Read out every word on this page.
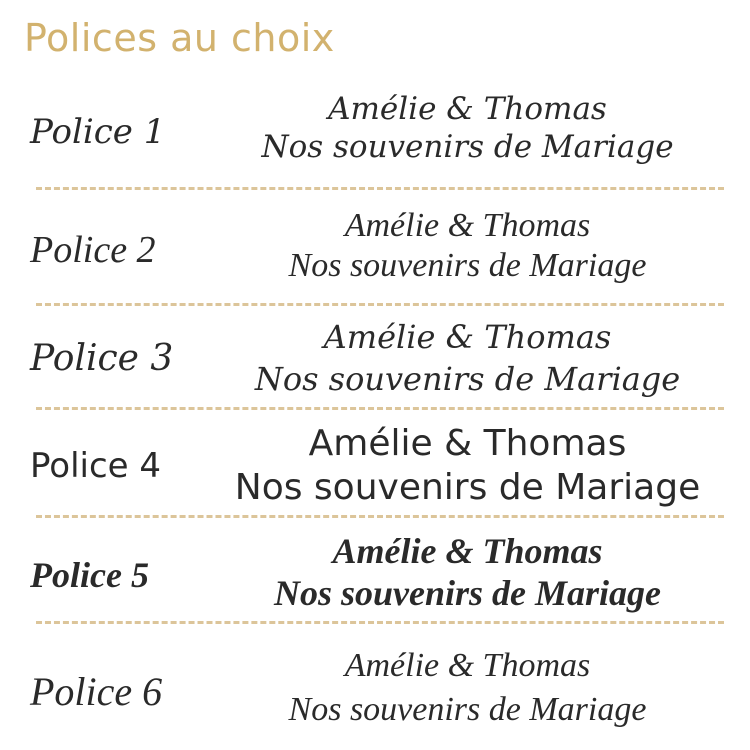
Polices au choix
Police 1
Amélie & Thomas
Nos souvenirs de Mariage
Police 2
Amélie & Thomas
Nos souvenirs de Mariage
Police 3
Amélie & Thomas
Nos souvenirs de Mariage
Police 4
Amélie & Thomas
Nos souvenirs de Mariage
Police 5
Amélie & Thomas
Nos souvenirs de Mariage
Police 6
Amélie & Thomas
Nos souvenirs de Mariage
